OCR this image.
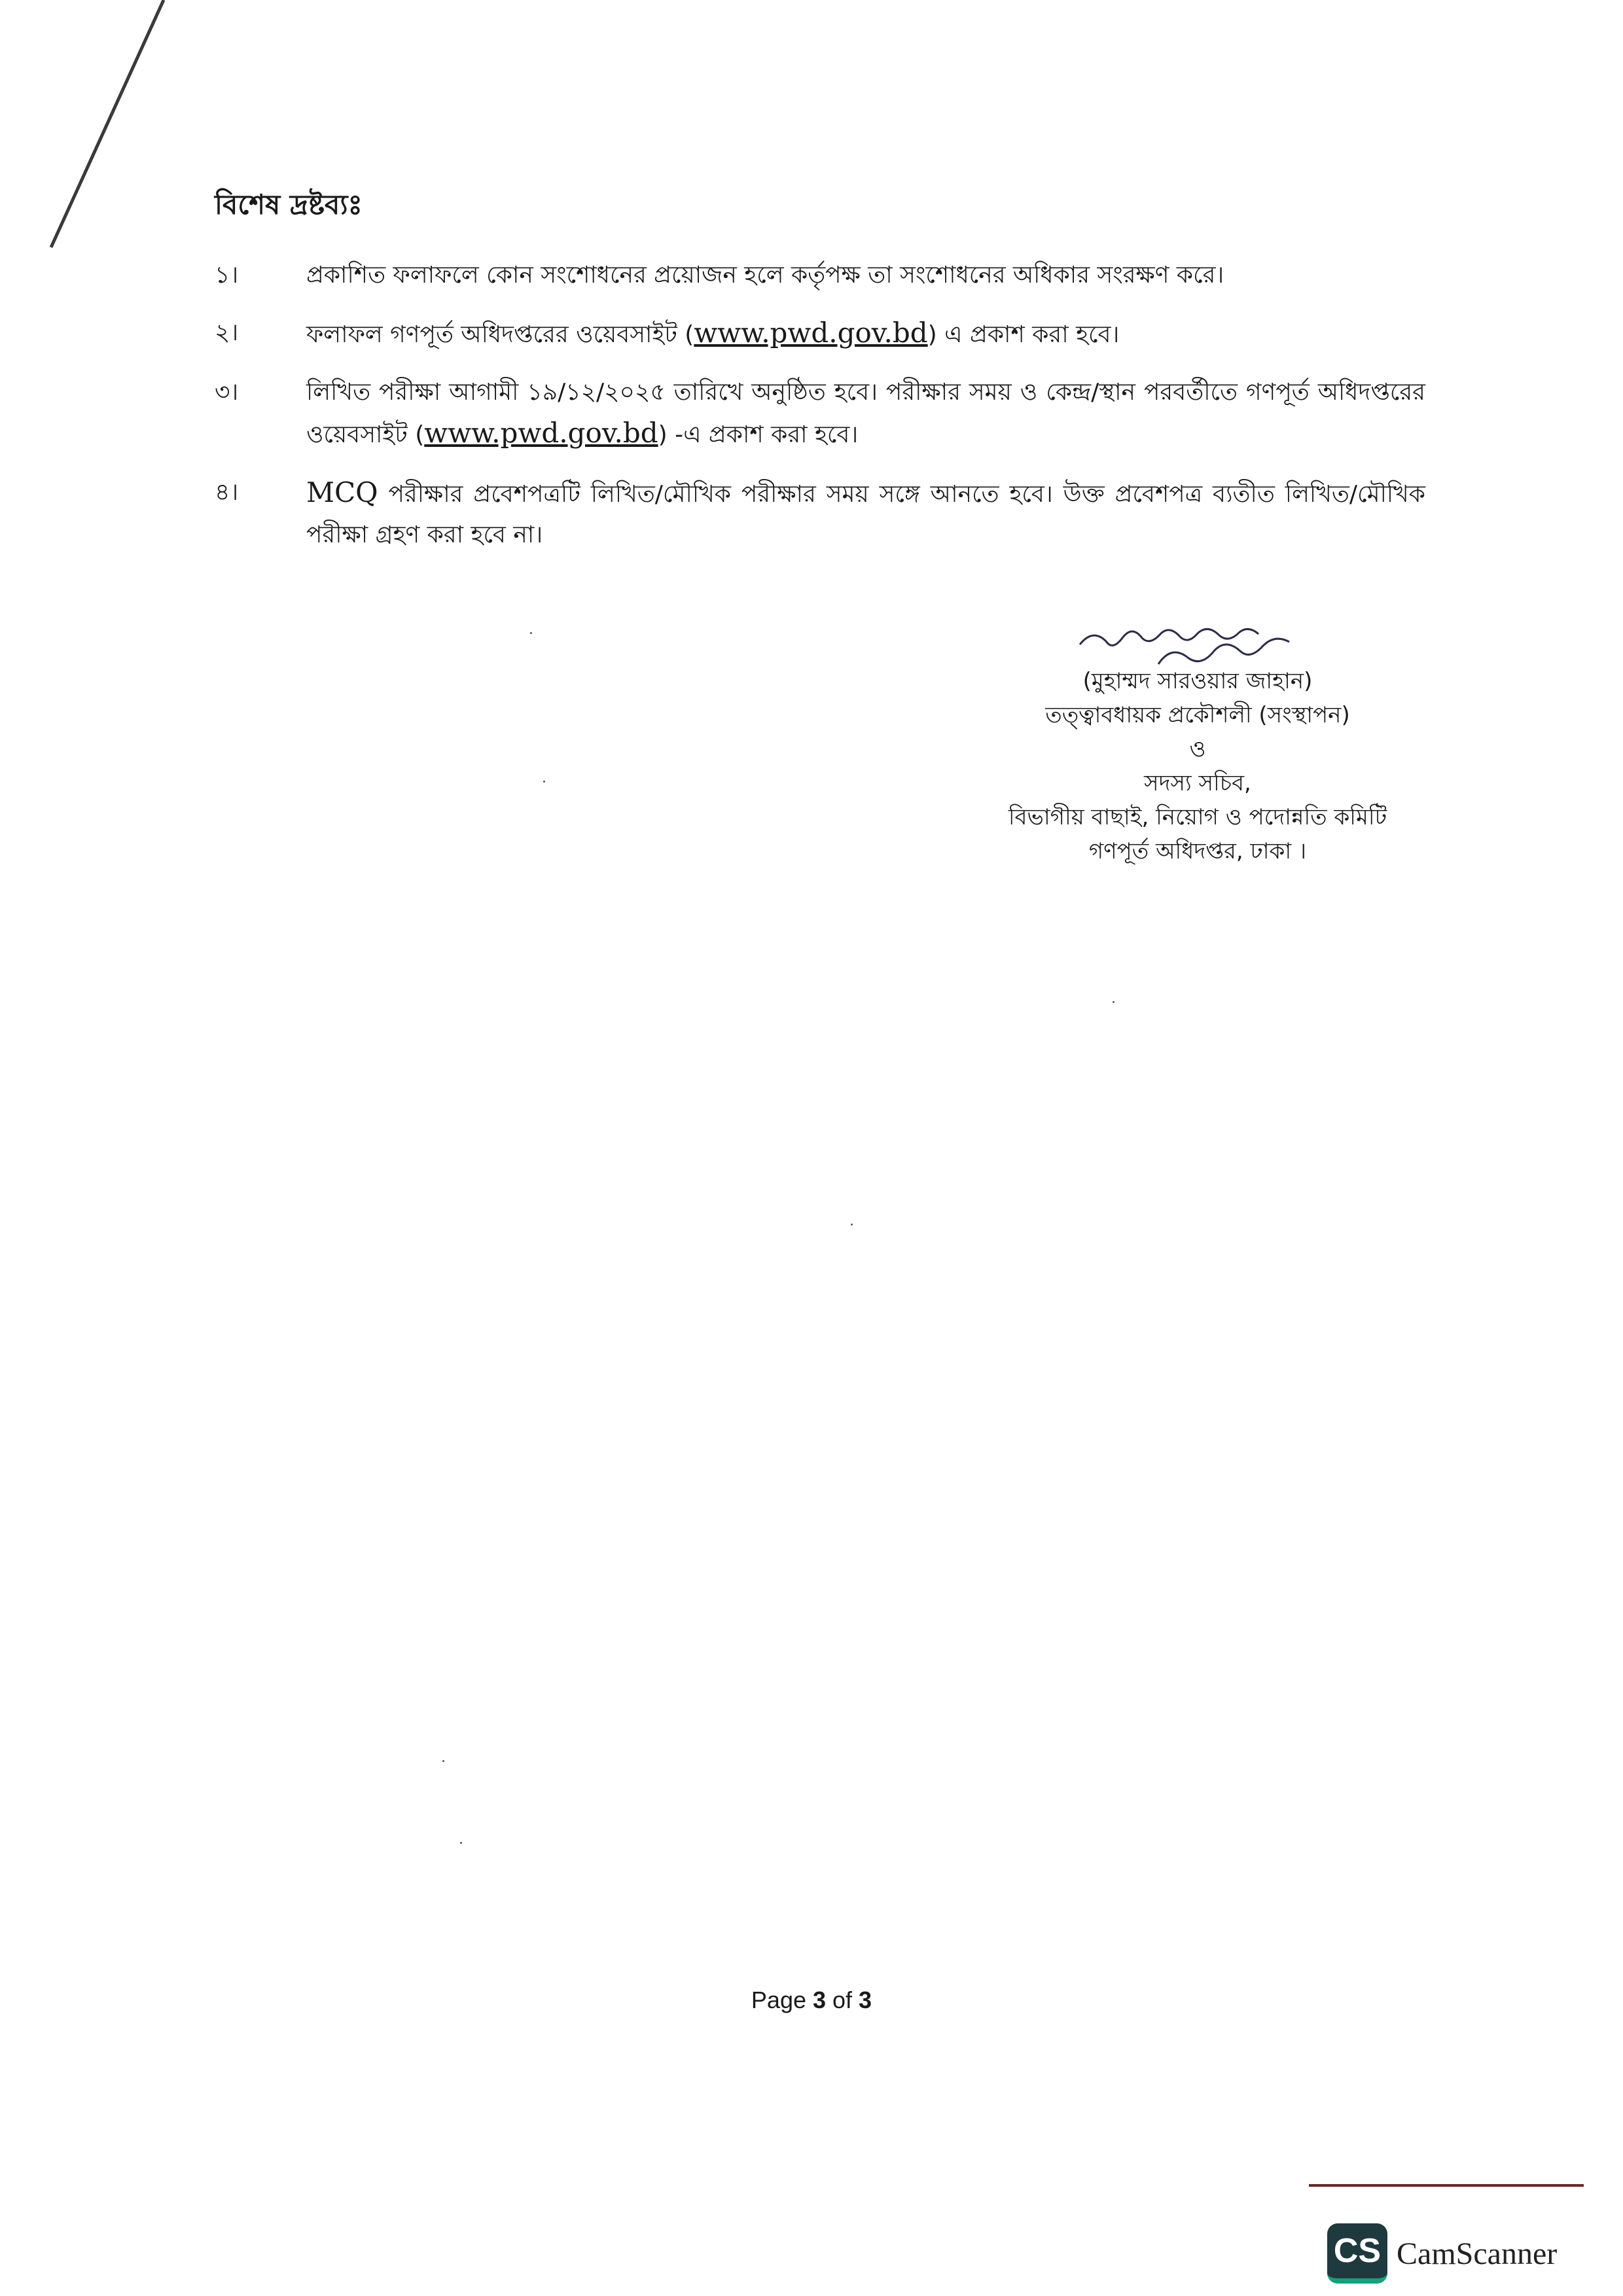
বিশেষ দ্রষ্টব্যঃ
১।	প্রকাশিত ফলাফলে কোন সংশোধনের প্রয়োজন হলে কর্তৃপক্ষ তা সংশোধনের অধিকার সংরক্ষণ করে।
২।	ফলাফল গণপূর্ত অধিদপ্তরের ওয়েবসাইট (www.pwd.gov.bd) এ প্রকাশ করা হবে।
৩।	লিখিত পরীক্ষা আগামী ১৯/১২/২০২৫ তারিখে অনুষ্ঠিত হবে। পরীক্ষার সময় ও কেন্দ্র/স্থান পরবর্তীতে গণপূর্ত অধিদপ্তরের ওয়েবসাইট (www.pwd.gov.bd) -এ প্রকাশ করা হবে।
৪। MCQ পরীক্ষার প্রবেশপত্রটি লিখিত/মৌখিক পরীক্ষার সময় সঙ্গে আনতে হবে। উক্ত প্রবেশপত্র ব্যতীত লিখিত/মৌখিক পরীক্ষা গ্রহণ করা হবে না।
(মুহাম্মদ সারওয়ার জাহান)
তত্ত্বাবধায়ক প্রকৌশলী (সংস্থাপন)
ও
সদস্য সচিব,
বিভাগীয় বাছাই, নিয়োগ ও পদোন্নতি কমিটি
গণপূর্ত অধিদপ্তর, ঢাকা ।
Page 3 of 3
CS CamScanner
